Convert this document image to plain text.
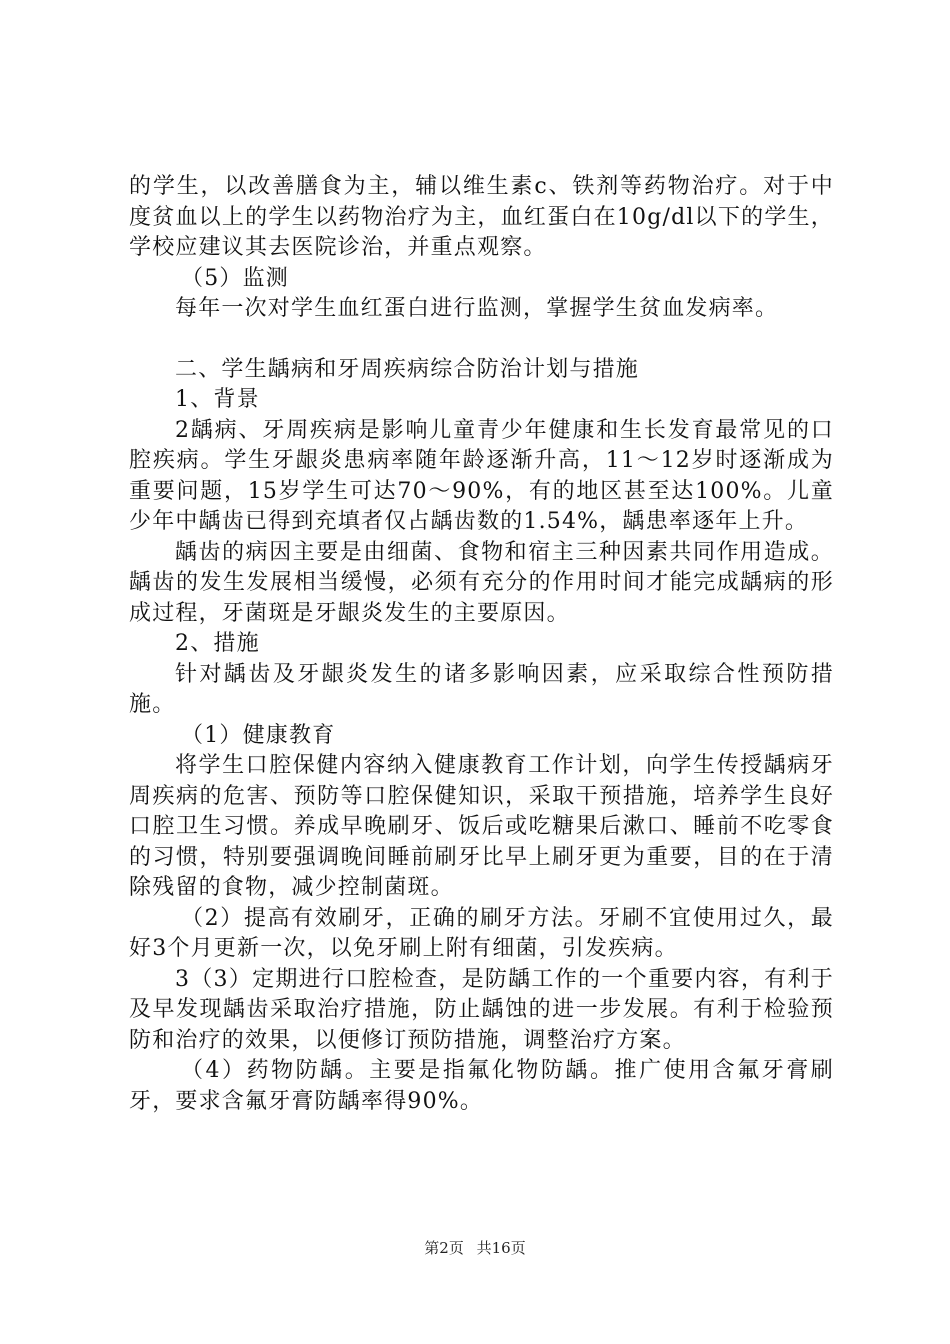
的学生，以改善膳食为主，辅以维生素c、铁剂等药物治疗。对于中度贫血以上的学生以药物治疗为主，血红蛋白在10g/dl以下的学生，学校应建议其去医院诊治，并重点观察。

（5）监测

每年一次对学生血红蛋白进行监测，掌握学生贫血发病率。

二、学生龋病和牙周疾病综合防治计划与措施

1、背景

2龋病、牙周疾病是影响儿童青少年健康和生长发育最常见的口腔疾病。学生牙龈炎患病率随年龄逐渐升高，11～12岁时逐渐成为重要问题，15岁学生可达70～90%，有的地区甚至达100%。儿童少年中龋齿已得到充填者仅占龋齿数的1.54%，龋患率逐年上升。

龋齿的病因主要是由细菌、食物和宿主三种因素共同作用造成。龋齿的发生发展相当缓慢，必须有充分的作用时间才能完成龋病的形成过程，牙菌斑是牙龈炎发生的主要原因。

2、措施

针对龋齿及牙龈炎发生的诸多影响因素，应采取综合性预防措施。

（1）健康教育

将学生口腔保健内容纳入健康教育工作计划，向学生传授龋病牙周疾病的危害、预防等口腔保健知识，采取干预措施，培养学生良好口腔卫生习惯。养成早晚刷牙、饭后或吃糖果后漱口、睡前不吃零食的习惯，特别要强调晚间睡前刷牙比早上刷牙更为重要，目的在于清除残留的食物，减少控制菌斑。

（2）提高有效刷牙，正确的刷牙方法。牙刷不宜使用过久，最好3个月更新一次，以免牙刷上附有细菌，引发疾病。

3（3）定期进行口腔检查，是防龋工作的一个重要内容，有利于及早发现龋齿采取治疗措施，防止龋蚀的进一步发展。有利于检验预防和治疗的效果，以便修订预防措施，调整治疗方案。

（4）药物防龋。主要是指氟化物防龋。推广使用含氟牙膏刷牙，要求含氟牙膏防龋率得90%。

第2页 共16页
